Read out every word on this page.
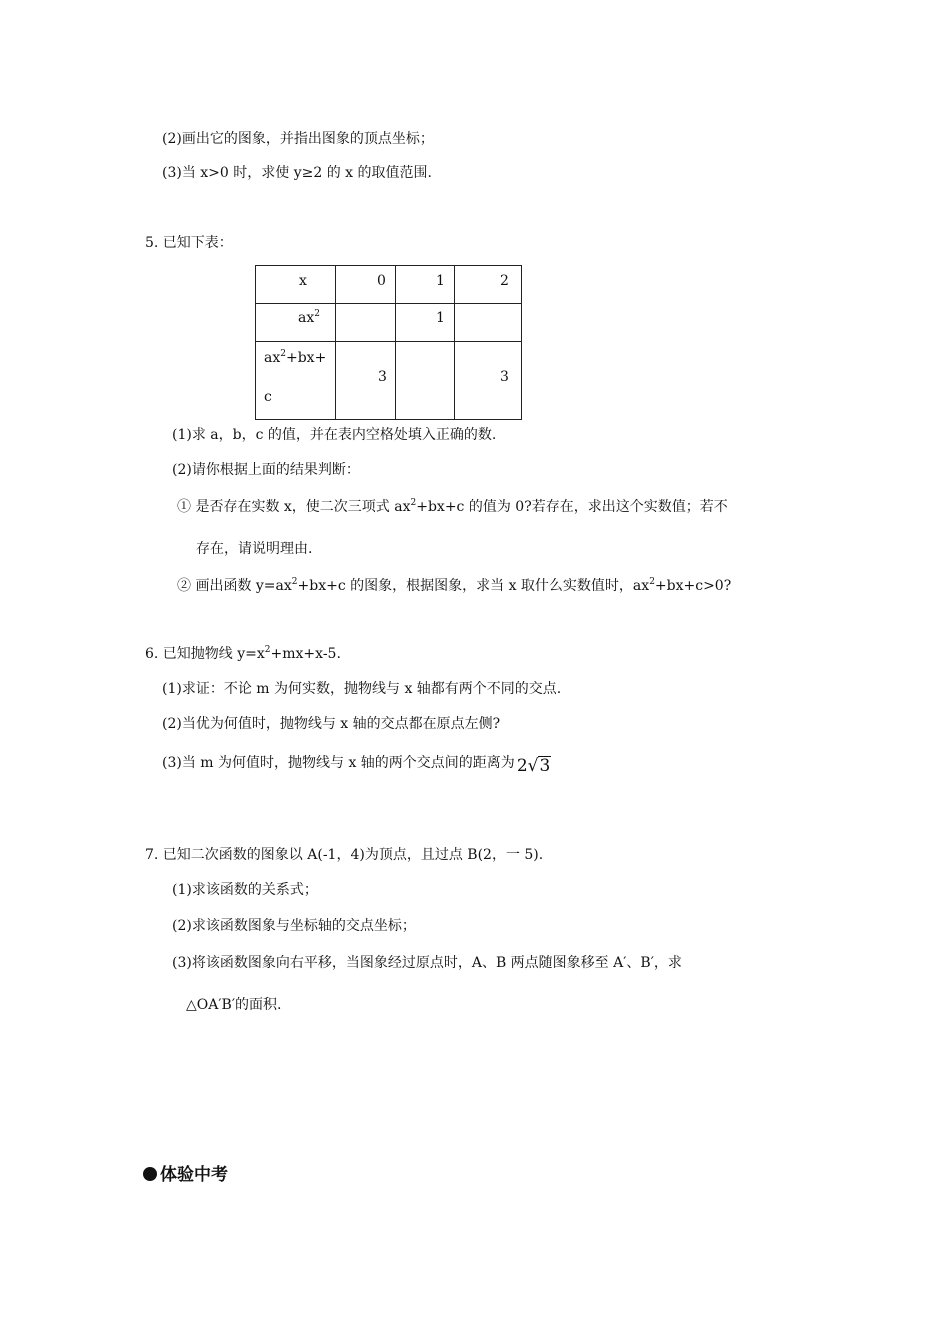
(2)画出它的图象，并指出图象的顶点坐标；
(3)当 x>0 时，求使 y≥2 的 x 的取值范围.
5. 已知下表：
x	0	1	2

$ax^2$		1	

$ax^2+bx+$
c	3		3
(1)求 a，b，c 的值，并在表内空格处填入正确的数.
(2)请你根据上面的结果判断：
① 是否存在实数 x，使二次三项式 $ax^2+bx+c$ 的值为 0?若存在，求出这个实数值；若不
存在，请说明理由.
② 画出函数 $y=ax^2+bx+c$ 的图象，根据图象，求当 x 取什么实数值时，$ax^2+bx+c>0$?
6. 已知抛物线 $y=x^2+mx+x-5$.
(1)求证：不论 m 为何实数，抛物线与 x 轴都有两个不同的交点.
(2)当优为何值时，抛物线与 x 轴的交点都在原点左侧?
(3)当 m 为何值时，抛物线与 x 轴的两个交点间的距离为 2√3
7. 已知二次函数的图象以 A(-1，4)为顶点，且过点 B(2，一 5).
(1)求该函数的关系式；
(2)求该函数图象与坐标轴的交点坐标；
(3)将该函数图象向右平移，当图象经过原点时，A、B 两点随图象移至 A′、B′，求
△OA′B′的面积.
体验中考
